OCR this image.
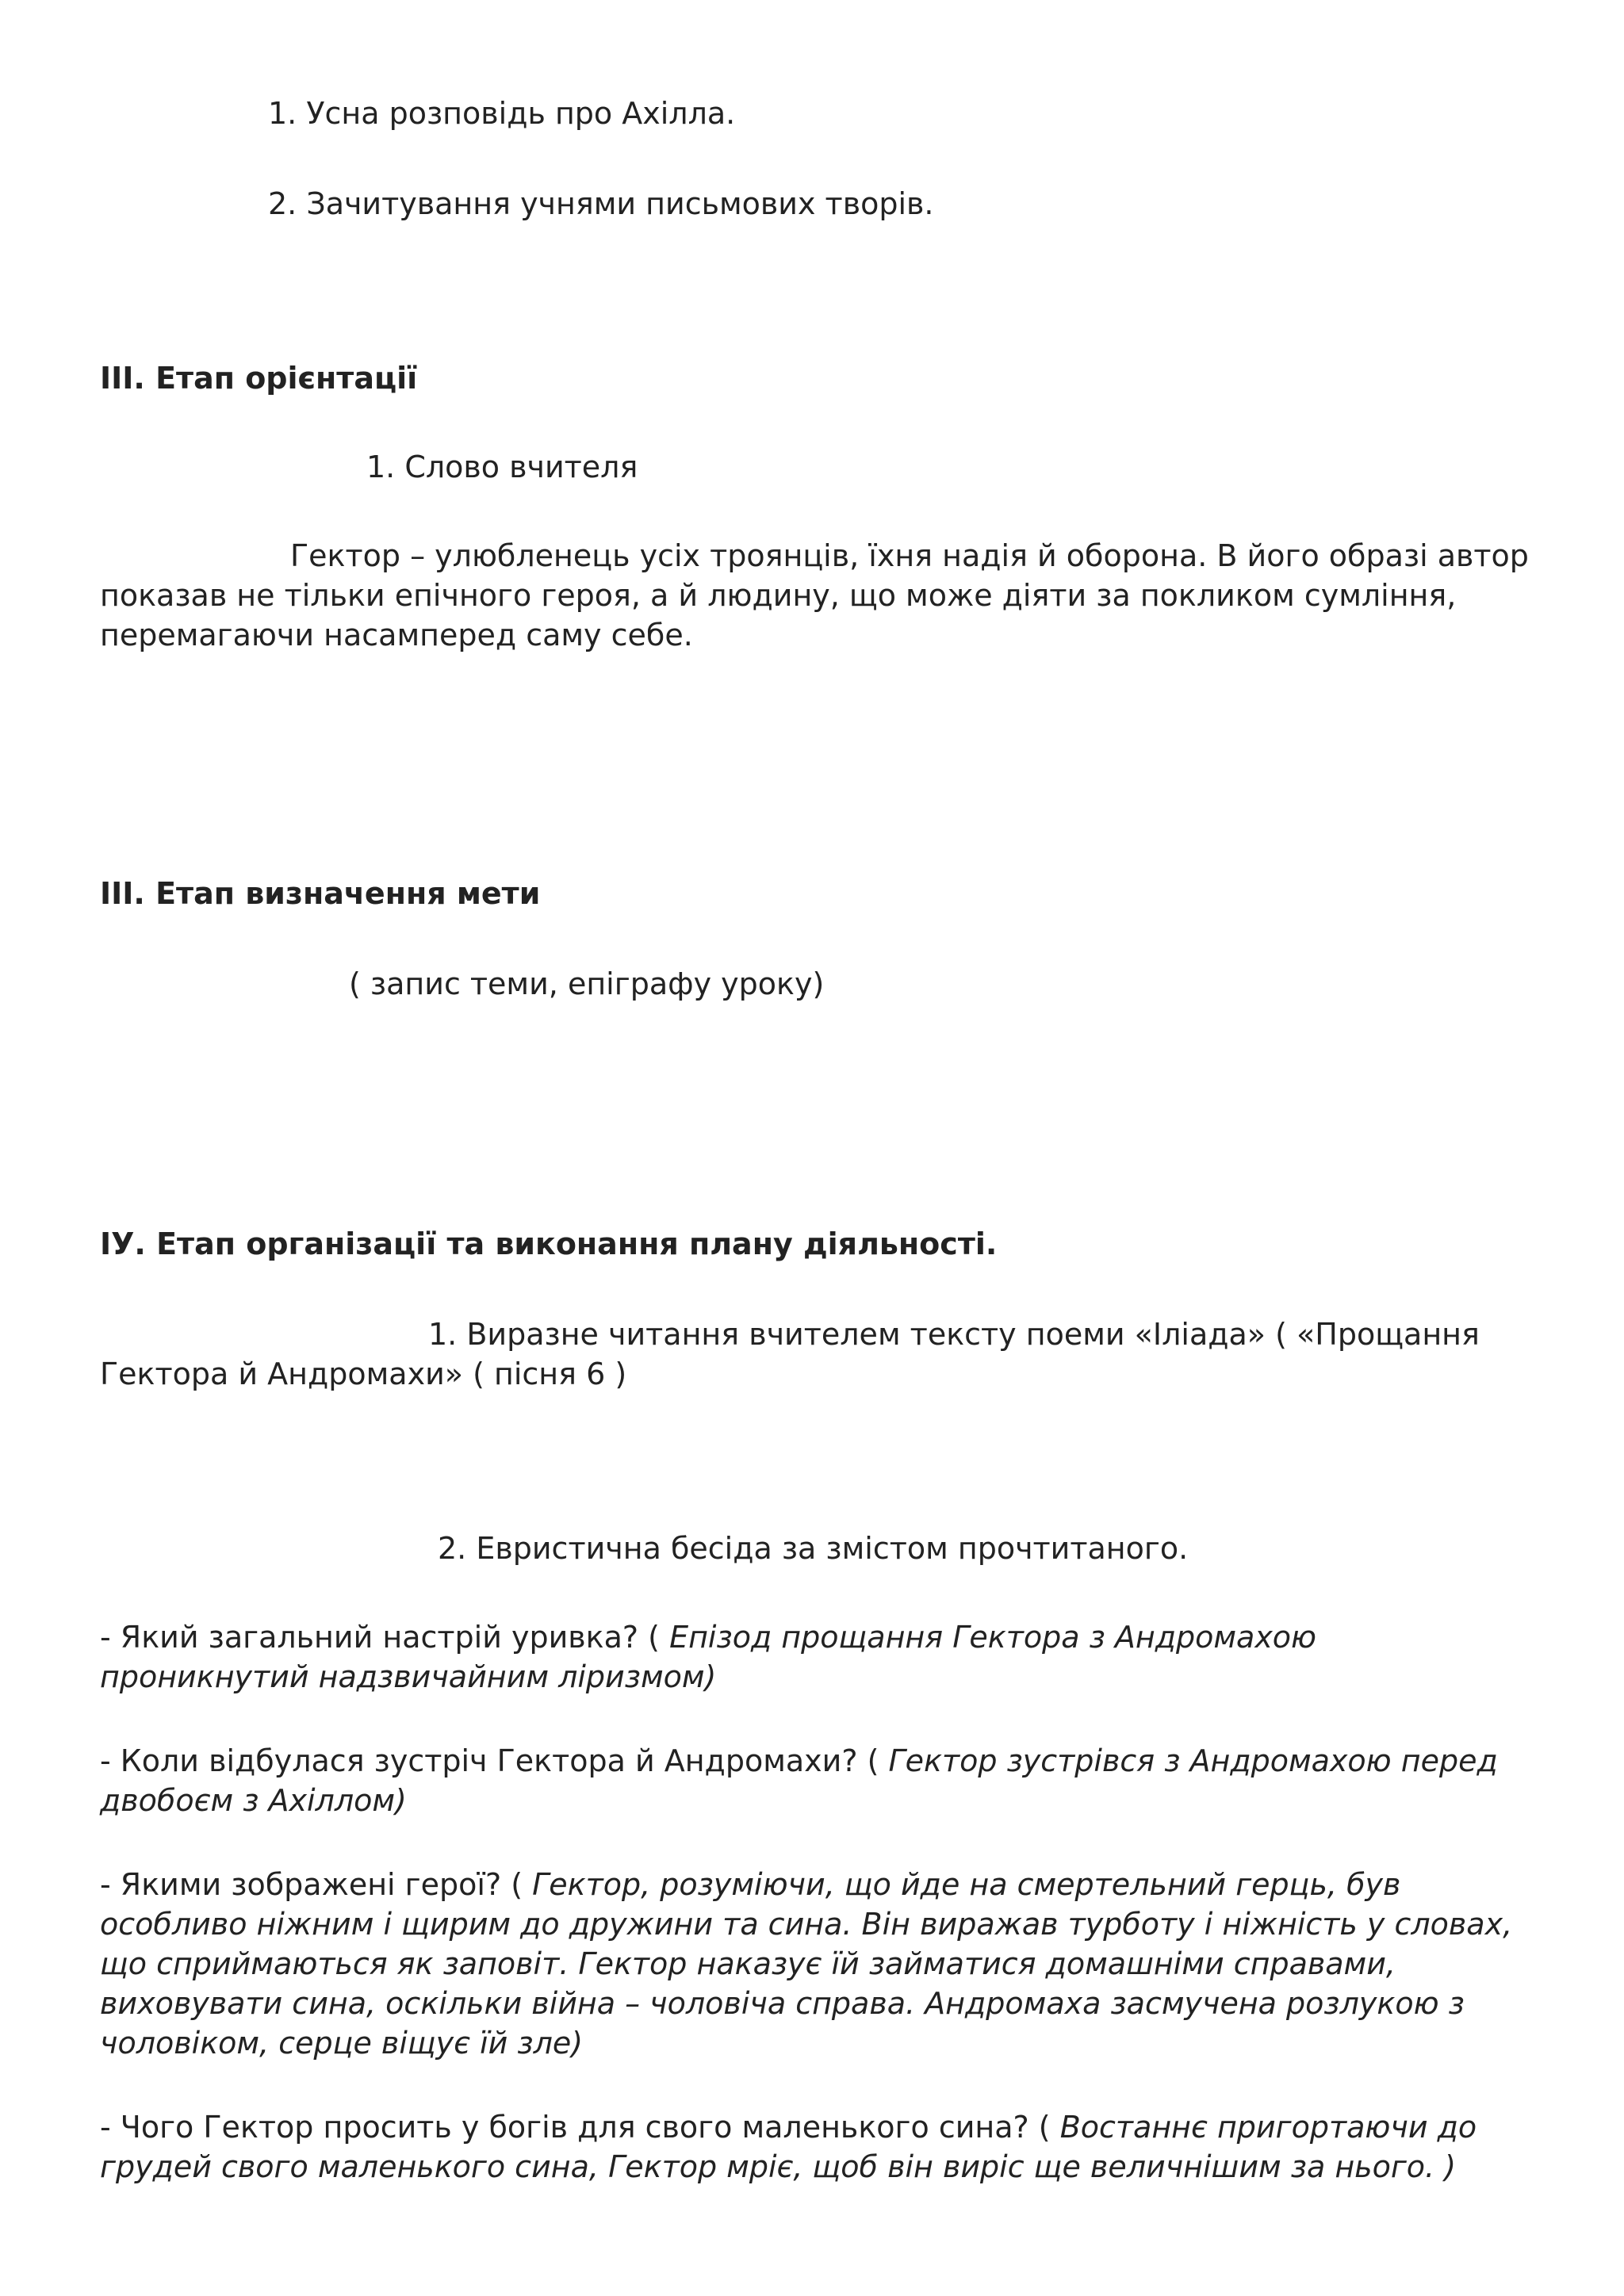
1. Усна розповідь про Ахілла.
2. Зачитування учнями письмових творів.
ІІІ. Етап орієнтації
1. Слово вчителя
Гектор – улюбленець усіх троянців, їхня надія й оборона. В його образі автор
показав не тільки епічного героя, а й людину, що може діяти за покликом сумління,
перемагаючи насамперед саму себе.
ІІІ. Етап визначення мети
( запис теми, епіграфу уроку)
ІУ. Етап організації та виконання плану діяльності.
1. Виразне читання вчителем тексту поеми «Іліада» ( «Прощання
Гектора й Андромахи» ( пісня 6 )
2. Евристична бесіда за змістом прочтитаного.
- Який загальний настрій уривка? ( Епізод прощання Гектора з Андромахою проникнутий надзвичайним ліризмом)
- Коли відбулася зустріч Гектора й Андромахи? ( Гектор зустрівся з Андромахою перед двобоєм з Ахіллом)
- Якими зображені герої? ( Гектор, розуміючи, що йде на смертельний герць, був особливо ніжним і щирим до дружини та сина. Він виражав турботу і ніжність у словах, що сприймаються як заповіт. Гектор наказує їй займатися домашніми справами, виховувати сина, оскільки війна – чоловіча справа. Андромаха засмучена розлукою з чоловіком, серце віщує їй зле)
- Чого Гектор просить у богів для свого маленького сина? ( Востаннє пригортаючи до грудей свого маленького сина, Гектор мріє, щоб він виріс ще величнішим за нього. )
